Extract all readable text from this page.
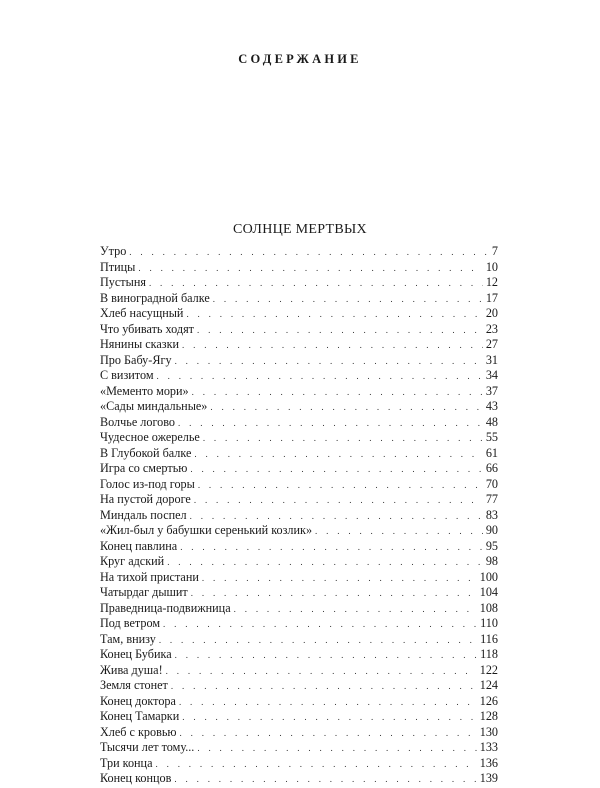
СОДЕРЖАНИЕ
СОЛНЦЕ МЕРТВЫХ
Утро . . .	7
Птицы . . .	10
Пустыня . . .	12
В виноградной балке . . .	17
Хлеб насущный . . .	20
Что убивать ходят . . .	23
Нянины сказки . . .	27
Про Бабу-Ягу . . .	31
С визитом . . .	34
«Мементо мори» . . .	37
«Сады миндальные» . . .	43
Волчье логово . . .	48
Чудесное ожерелье . . .	55
В Глубокой балке . . .	61
Игра со смертью . . .	66
Голос из-под горы . . .	70
На пустой дороге . . .	77
Миндаль поспел . . .	83
«Жил-был у бабушки серенький козлик» . . .	90
Конец павлина . . .	95
Круг адский . . .	98
На тихой пристани . . .	100
Чатырдаг дышит . . .	104
Праведница-подвижница . . .	108
Под ветром . . .	110
Там, внизу . . .	116
Конец Бубика . . .	118
Жива душа! . . .	122
Земля стонет . . .	124
Конец доктора . . .	126
Конец Тамарки . . .	128
Хлеб с кровью . . .	130
Тысячи лет тому... . . .	133
Три конца . . .	136
Конец концов . . .	139
